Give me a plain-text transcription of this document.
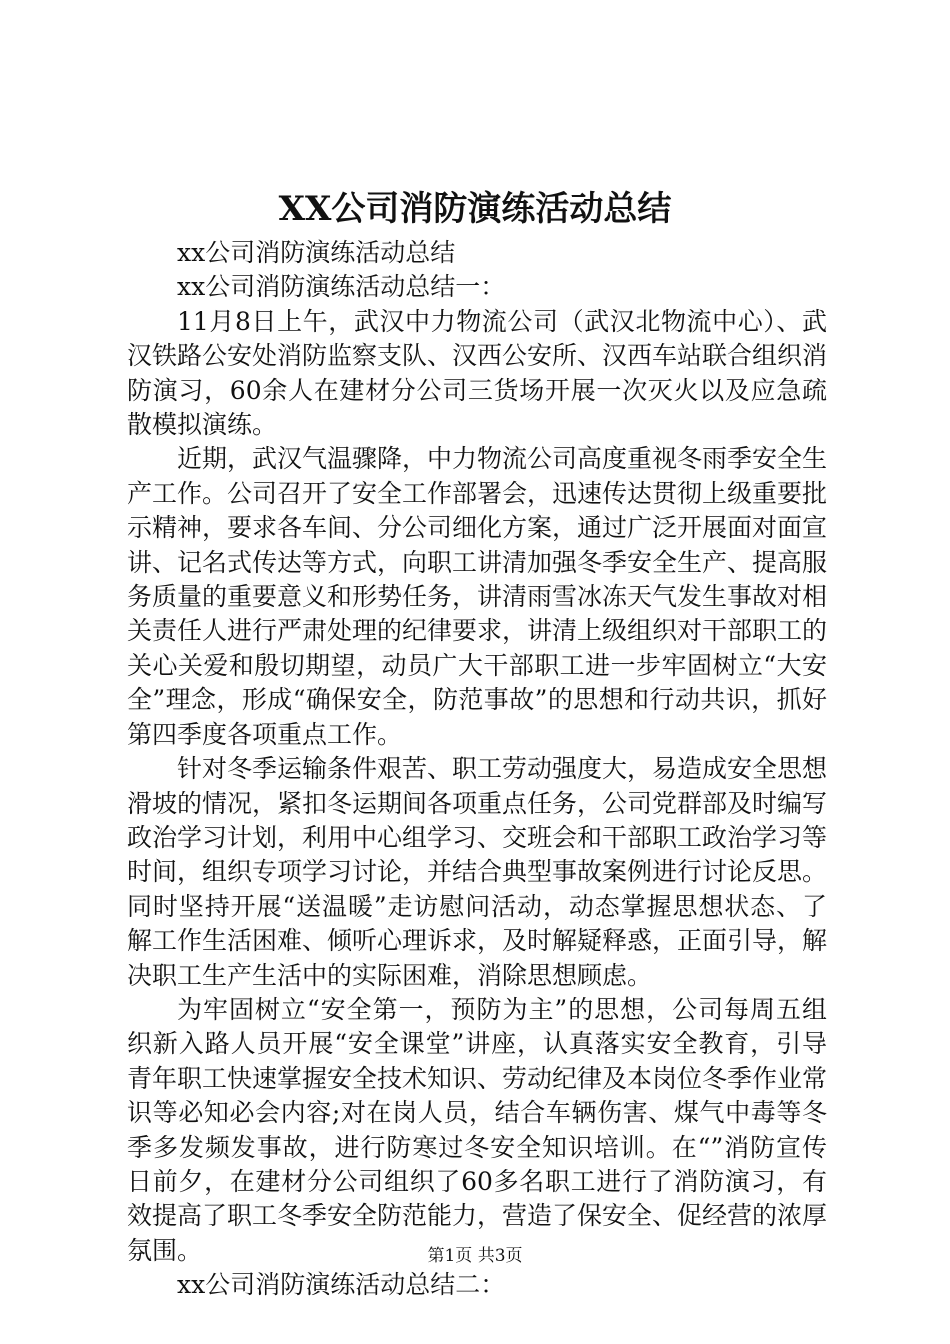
XX公司消防演练活动总结

xx公司消防演练活动总结

xx公司消防演练活动总结一：

11月8日上午，武汉中力物流公司（武汉北物流中心）、武汉铁路公安处消防监察支队、汉西公安所、汉西车站联合组织消防演习，60余人在建材分公司三货场开展一次灭火以及应急疏散模拟演练。

近期，武汉气温骤降，中力物流公司高度重视冬雨季安全生产工作。公司召开了安全工作部署会，迅速传达贯彻上级重要批示精神，要求各车间、分公司细化方案，通过广泛开展面对面宣讲、记名式传达等方式，向职工讲清加强冬季安全生产、提高服务质量的重要意义和形势任务，讲清雨雪冰冻天气发生事故对相关责任人进行严肃处理的纪律要求，讲清上级组织对干部职工的关心关爱和殷切期望，动员广大干部职工进一步牢固树立“大安全”理念，形成“确保安全，防范事故”的思想和行动共识，抓好第四季度各项重点工作。

针对冬季运输条件艰苦、职工劳动强度大，易造成安全思想滑坡的情况，紧扣冬运期间各项重点任务，公司党群部及时编写政治学习计划，利用中心组学习、交班会和干部职工政治学习等时间，组织专项学习讨论，并结合典型事故案例进行讨论反思。同时坚持开展“送温暖”走访慰问活动，动态掌握思想状态、了解工作生活困难、倾听心理诉求，及时解疑释惑，正面引导，解决职工生产生活中的实际困难，消除思想顾虑。

为牢固树立“安全第一，预防为主”的思想，公司每周五组织新入路人员开展“安全课堂”讲座，认真落实安全教育，引导青年职工快速掌握安全技术知识、劳动纪律及本岗位冬季作业常识等必知必会内容;对在岗人员，结合车辆伤害、煤气中毒等冬季多发频发事故，进行防寒过冬安全知识培训。在“”消防宣传日前夕，在建材分公司组织了60多名职工进行了消防演习，有效提高了职工冬季安全防范能力，营造了保安全、促经营的浓厚氛围。

xx公司消防演练活动总结二：

第1页 共3页
